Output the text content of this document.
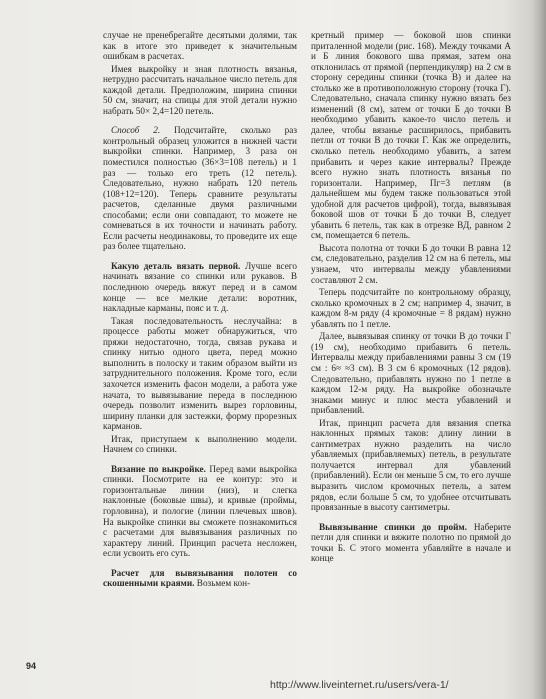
случае не пренебрегайте десятыми долями, так как в итоге это приведет к значительным ошибкам в расчетах.

Имея выкройку и зная плотность вязанья, нетрудно рассчитать начальное число петель для каждой детали. Предположим, ширина спинки 50 см, значит, на спицы для этой детали нужно набрать 50× 2,4=120 петель.

Способ 2. Подсчитайте, сколько раз контрольный образец уложится в нижней части выкройки спинки. Например, 3 раза он поместился полностью (36×3=108 петель) и 1 раз — только его треть (12 петель). Следовательно, нужно набрать 120 петель (108+12=120). Теперь сравните результаты расчетов, сделанные двумя различными способами; если они совпадают, то можете не сомневаться в их точности и начинать работу. Если расчеты неодинаковы, то проведите их еще раз более тщательно.

Какую деталь вязать первой. Лучше всего начинать вязание со спинки или рукавов. В последнюю очередь вяжут перед и в самом конце — все мелкие детали: воротник, накладные карманы, пояс и т. д.

Такая последовательность неслучайна: в процессе работы может обнаружиться, что пряжи недостаточно, тогда, связав рукава и спинку нитью одного цвета, перед можно выполнить в полоску и таким образом выйти из затруднительного положения. Кроме того, если захочется изменить фасон модели, а работа уже начата, то вывязывание переда в последнюю очередь позволит изменить вырез горловины, ширину планки для застежки, форму прорезных карманов.

Итак, приступаем к выполнению модели. Начнем со спинки.

Вязание по выкройке. Перед вами выкройка спинки. Посмотрите на ее контур: это и горизонтальные линии (низ), и слегка наклонные (боковые швы), и кривые (проймы, горловина), и пологие (линии плечевых швов). На выкройке спинки вы сможете познакомиться с расчетами для вывязывания различных по характеру линий. Принцип расчета несложен, если усвоить его суть.

Расчет для вывязывания полотен со скошенными краями. Возьмем кон-

кретный пример — боковой шов спинки приталенной модели (рис. 168). Между точками А и Б линия бокового шва прямая, затем она отклонилась от прямой (перпендикуляр) на 2 см в сторону середины спинки (точка В) и далее на столько же в противоположную сторону (точка Г). Следовательно, сначала спинку нужно вязать без изменений (8 см), затем от точки Б до точки В необходимо убавить какое-то число петель и далее, чтобы вязанье расширилось, прибавить петли от точки В до точки Г. Как же определить, сколько петель необходимо убавить, а затем прибавить и через какие интервалы? Прежде всего нужно знать плотность вязанья по горизонтали. Например, Пг=3 петлям (в дальнейшем мы будем также пользоваться этой удобной для расчетов цифрой), тогда, вывязывая боковой шов от точки Б до точки В, следует убавить 6 петель, так как в отрезке ВД, равном 2 см, помещается 6 петель.

Высота полотна от точки Б до точки В равна 12 см, следовательно, разделив 12 см на 6 петель, мы узнаем, что интервалы между убавлениями составляют 2 см.

Теперь подсчитайте по контрольному образцу, сколько кромочных в 2 см; например 4, значит, в каждом 8-м ряду (4 кромочные = 8 рядам) нужно убавлять по 1 петле.

Далее, вывязывая спинку от точки В до точки Г (19 см), необходимо прибавить 6 петель. Интервалы между прибавлениями равны 3 см (19 см : 6≈ ≈3 см). В 3 см 6 кромочных (12 рядов). Следовательно, прибавлять нужно по 1 петле в каждом 12-м ряду. На выкройке обозначьте знаками минус и плюс места убавлений и прибавлений.

Итак, принцип расчета для вязания спетка наклонных прямых таков: длину линии в сантиметрах нужно разделить на число убавляемых (прибавляемых) петель, в результате получается интервал для убавлений (прибавлений). Если он меньше 5 см, то его лучше выразить числом кромочных петель, а затем рядов, если больше 5 см, то удобнее отсчитывать провязанные в высоту сантиметры.

Вывязывание спинки до пройм. Наберите петли для спинки и вяжите полотно по прямой до точки Б. С этого момента убавляйте в начале и конце

94
http://www.liveinternet.ru/users/vera-1/
